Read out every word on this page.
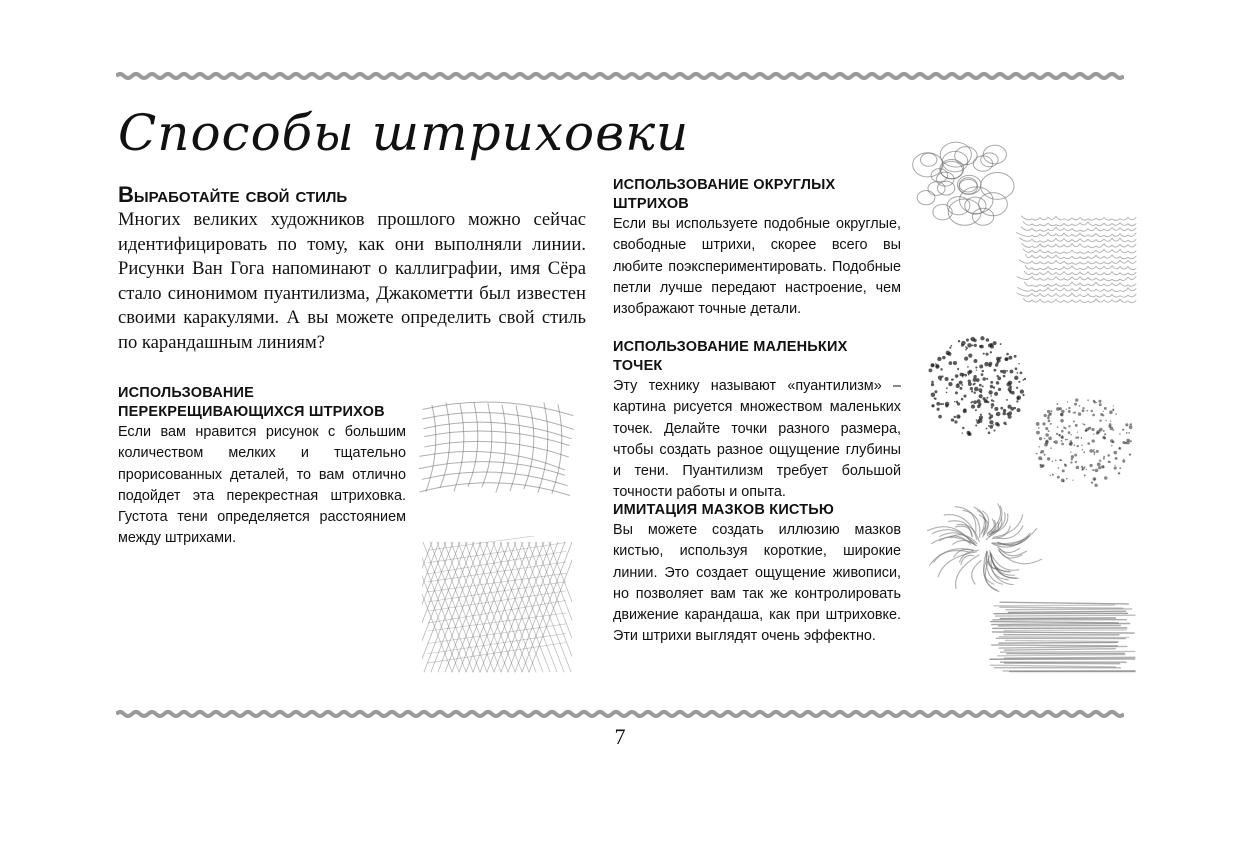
Способы штриховки
Выработайте свой стиль

Многих великих художников прошлого можно сейчас идентифицировать по тому, как они выполняли линии. Рисунки Ван Гога напоминают о каллиграфии, имя Сёра стало синонимом пуантилизма, Джакометти был известен своими каракулями. А вы можете определить свой стиль по карандашным линиям?

ИСПОЛЬЗОВАНИЕ ПЕРЕКРЕЩИВАЮЩИХСЯ ШТРИХОВ

Если вам нравится рисунок с большим количеством мелких и тщательно прорисованных деталей, то вам отлично подойдет эта перекрестная штриховка. Густота тени определяется расстоянием между штрихами.

ИСПОЛЬЗОВАНИЕ ОКРУГЛЫХ ШТРИХОВ

Если вы используете подобные округлые, свободные штрихи, скорее всего вы любите поэкспериментировать. Подобные петли лучше передают настроение, чем изображают точные детали.

ИСПОЛЬЗОВАНИЕ МАЛЕНЬКИХ ТОЧЕК

Эту технику называют «пуантилизм» – картина рисуется множеством маленьких точек. Делайте точки разного размера, чтобы создать разное ощущение глубины и тени. Пуантилизм требует большой точности работы и опыта.

ИМИТАЦИЯ МАЗКОВ КИСТЬЮ

Вы можете создать иллюзию мазков кистью, используя короткие, широкие линии. Это создает ощущение живописи, но позволяет вам так же контролировать движение карандаша, как при штриховке. Эти штрихи выглядят очень эффектно.

7
